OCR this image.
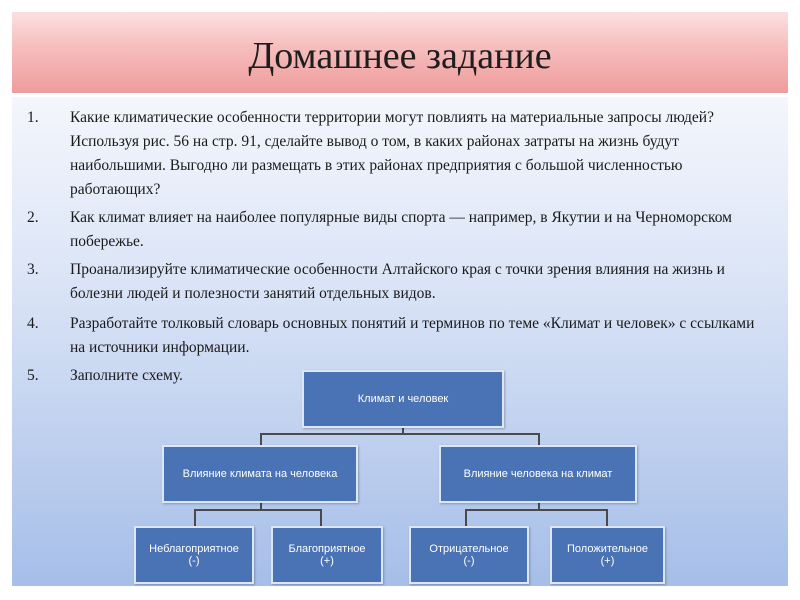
Домашнее задание
1.	Какие климатические особенности территории могут повлиять на материальные запросы людей? Используя рис. 56 на стр. 91, сделайте вывод о том, в каких районах затраты на жизнь будут наибольшими. Выгодно ли размещать в этих районах предприятия с большой численностью работающих?
2.	Как климат влияет на наиболее популярные виды спорта — например, в Якутии и на Черноморском побережье.
3.	Проанализируйте климатические особенности Алтайского края с точки зрения влияния на жизнь и болезни людей и полезности занятий отдельных видов.
4.	Разработайте толковый словарь основных понятий и терминов по теме «Климат и человек» с ссылками на источники информации.
5.	Заполните схему.
Климат и человек
Влияние климата на человека	Влияние человека на климат
Неблагоприятное
(-)
Благоприятное
(+)
Отрицательное
(-)
Положительное
(+)
